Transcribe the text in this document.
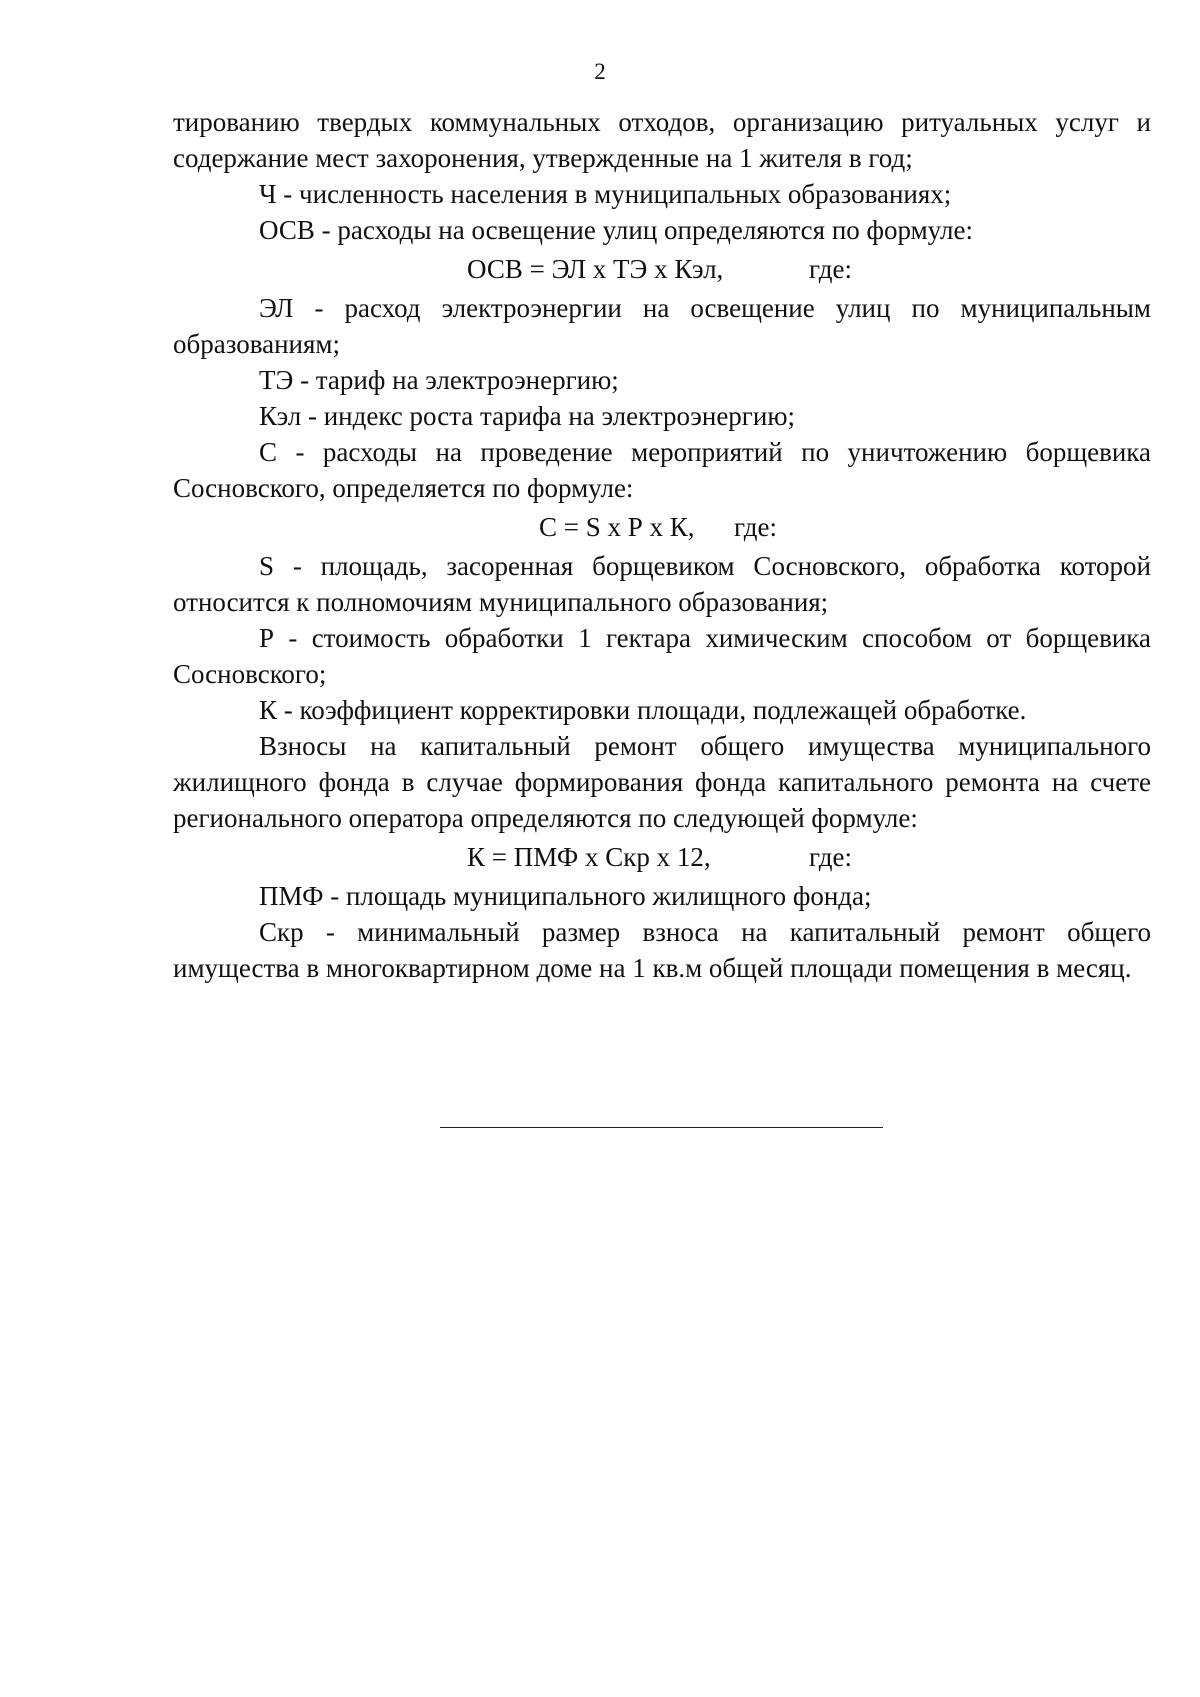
2

тированию твердых коммунальных отходов, организацию ритуальных услуг и содержание мест захоронения, утвержденные на 1 жителя в год;

Ч - численность населения в муниципальных образованиях;

ОСВ - расходы на освещение улиц определяются по формуле:

ОСВ = ЭЛ х ТЭ х Кэл,	где:

ЭЛ - расход электроэнергии на освещение улиц по муниципальным образованиям;

ТЭ - тариф на электроэнергию;

Кэл - индекс роста тарифа на электроэнергию;

С - расходы на проведение мероприятий по уничтожению борщевика Сосновского, определяется по формуле:

С = S х Р х К, где:

S - площадь, засоренная борщевиком Сосновского, обработка которой относится к полномочиям муниципального образования;

Р - стоимость обработки 1 гектара химическим способом от борщевика Сосновского;

К - коэффициент корректировки площади, подлежащей обработке.

Взносы на капитальный ремонт общего имущества муниципального жилищного фонда в случае формирования фонда капитального ремонта на счете регионального оператора определяются по следующей формуле:

К = ПМФ х Скр х 12,	где:

ПМФ - площадь муниципального жилищного фонда;

Скр - минимальный размер взноса на капитальный ремонт общего имущества в многоквартирном доме на 1 кв.м общей площади помещения в месяц.
